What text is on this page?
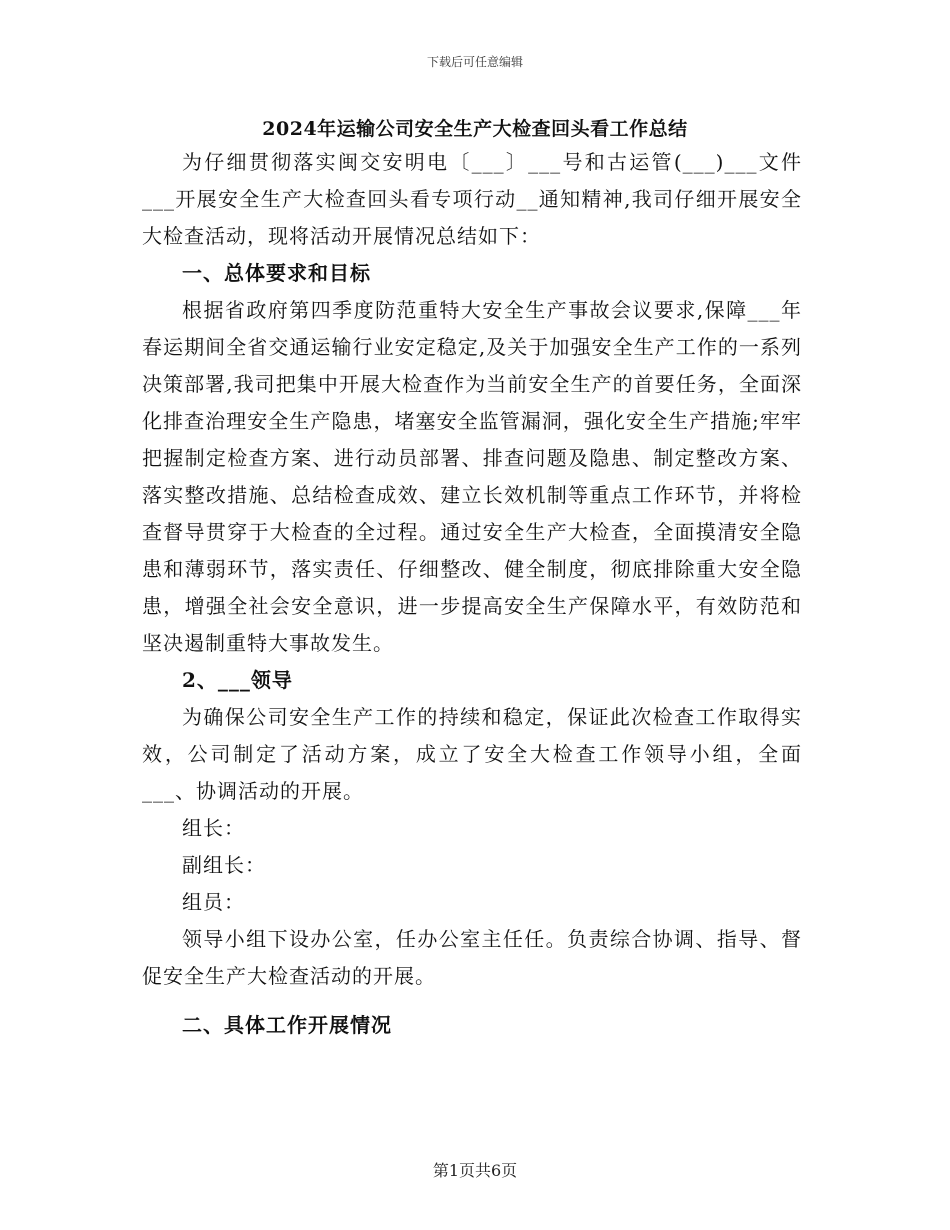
下载后可任意编辑
2024年运输公司安全生产大检查回头看工作总结

为仔细贯彻落实闽交安明电〔___〕___号和古运管(___)___文件___开展安全生产大检查回头看专项行动__通知精神,我司仔细开展安全大检查活动，现将活动开展情况总结如下：

一、总体要求和目标

根据省政府第四季度防范重特大安全生产事故会议要求,保障___年春运期间全省交通运输行业安定稳定,及关于加强安全生产工作的一系列决策部署,我司把集中开展大检查作为当前安全生产的首要任务，全面深化排查治理安全生产隐患，堵塞安全监管漏洞，强化安全生产措施;牢牢把握制定检查方案、进行动员部署、排查问题及隐患、制定整改方案、落实整改措施、总结检查成效、建立长效机制等重点工作环节，并将检查督导贯穿于大检查的全过程。通过安全生产大检查，全面摸清安全隐患和薄弱环节，落实责任、仔细整改、健全制度，彻底排除重大安全隐患，增强全社会安全意识，进一步提高安全生产保障水平，有效防范和坚决遏制重特大事故发生。

2、___领导

为确保公司安全生产工作的持续和稳定，保证此次检查工作取得实效，公司制定了活动方案，成立了安全大检查工作领导小组，全面___、协调活动的开展。

组长：

副组长：

组员：

领导小组下设办公室，任办公室主任任。负责综合协调、指导、督促安全生产大检查活动的开展。

二、具体工作开展情况

第1页共6页
